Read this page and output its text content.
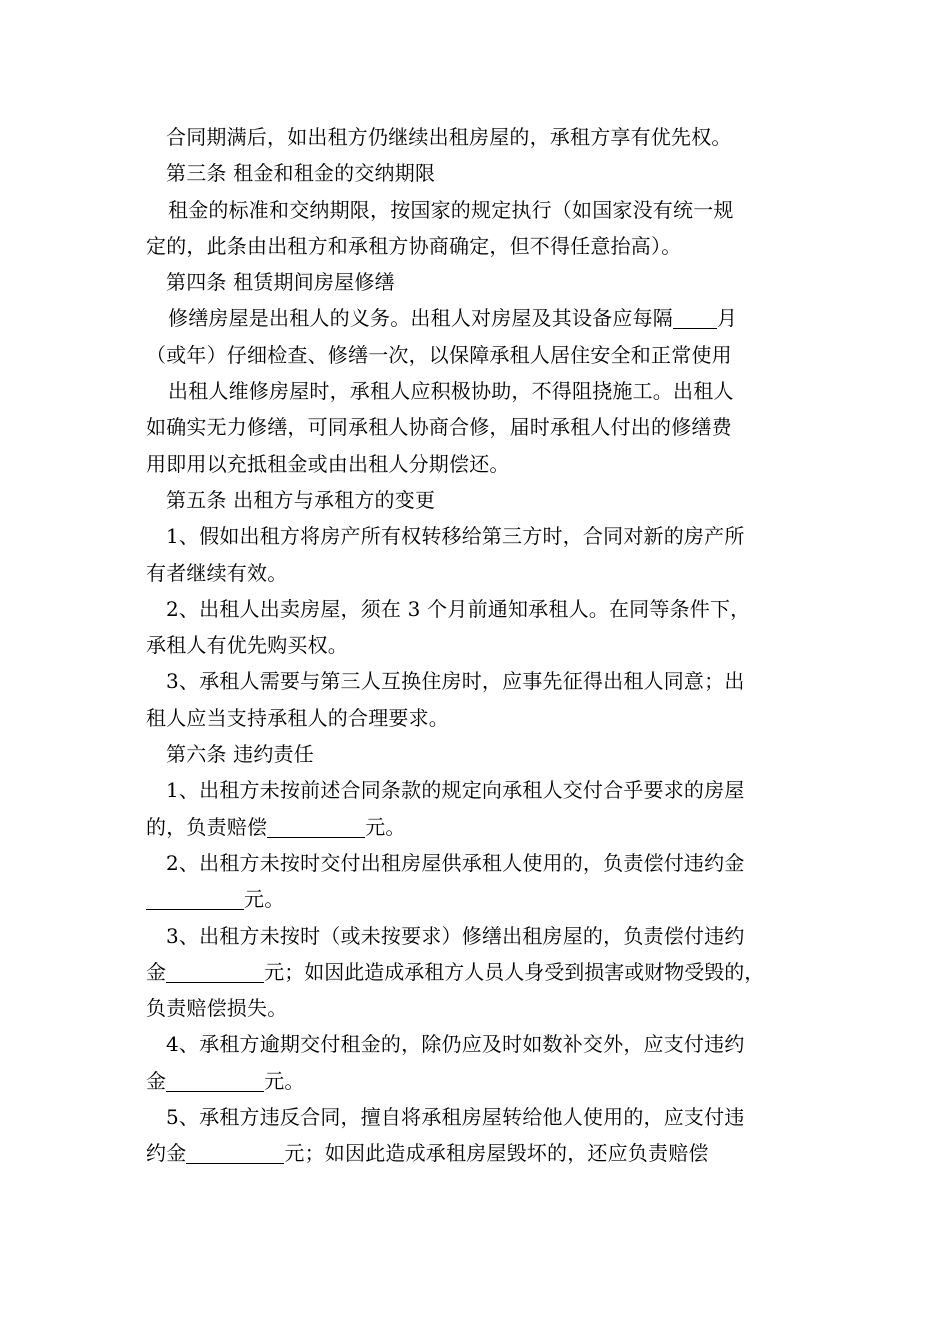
合同期满后，如出租方仍继续出租房屋的，承租方享有优先权。

第三条 租金和租金的交纳期限

租金的标准和交纳期限，按国家的规定执行（如国家没有统一规

定的，此条由出租方和承租方协商确定，但不得任意抬高）。

第四条 租赁期间房屋修缮

修缮房屋是出租人的义务。出租人对房屋及其设备应每隔 月

（或年）仔细检查、修缮一次，以保障承租人居住安全和正常使用

出租人维修房屋时，承租人应积极协助，不得阻挠施工。出租人

如确实无力修缮，可同承租人协商合修，届时承租人付出的修缮费

用即用以充抵租金或由出租人分期偿还。

第五条 出租方与承租方的变更

1、假如出租方将房产所有权转移给第三方时，合同对新的房产所

有者继续有效。

2、出租人出卖房屋，须在 3 个月前通知承租人。在同等条件下，

承租人有优先购买权。

3、承租人需要与第三人互换住房时，应事先征得出租人同意；出

租人应当支持承租人的合理要求。

第六条 违约责任

1、出租方未按前述合同条款的规定向承租人交付合乎要求的房屋

的，负责赔偿	元。

2、出租方未按时交付出租房屋供承租人使用的，负责偿付违约金

元。

3、出租方未按时（或未按要求）修缮出租房屋的，负责偿付违约

金	元；如因此造成承租方人员人身受到损害或财物受毁的，

负责赔偿损失。

4、承租方逾期交付租金的，除仍应及时如数补交外，应支付违约

金	元。

5、承租方违反合同，擅自将承租房屋转给他人使用的，应支付违

约金	元；如因此造成承租房屋毁坏的，还应负责赔偿
